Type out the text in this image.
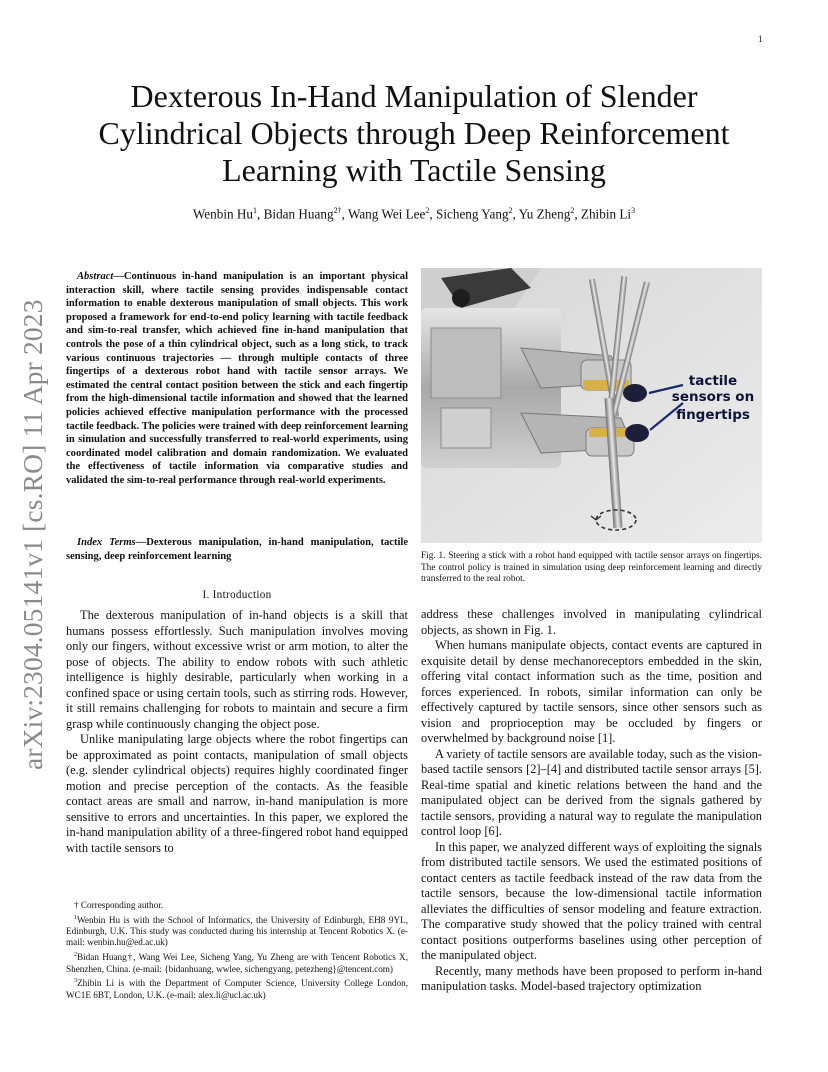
1
Dexterous In-Hand Manipulation of Slender Cylindrical Objects through Deep Reinforcement Learning with Tactile Sensing
Wenbin Hu$^1$, Bidan Huang$^{2\dagger}$, Wang Wei Lee$^2$, Sicheng Yang$^2$, Yu Zheng$^2$, Zhibin Li$^3$
arXiv:2304.05141v1 [cs.RO] 11 Apr 2023
Abstract—Continuous in-hand manipulation is an important physical interaction skill, where tactile sensing provides indispensable contact information to enable dexterous manipulation of small objects. This work proposed a framework for end-to-end policy learning with tactile feedback and sim-to-real transfer, which achieved fine in-hand manipulation that controls the pose of a thin cylindrical object, such as a long stick, to track various continuous trajectories — through multiple contacts of three fingertips of a dexterous robot hand with tactile sensor arrays. We estimated the central contact position between the stick and each fingertip from the high-dimensional tactile information and showed that the learned policies achieved effective manipulation performance with the processed tactile feedback. The policies were trained with deep reinforcement learning in simulation and successfully transferred to real-world experiments, using coordinated model calibration and domain randomization. We evaluated the effectiveness of tactile information via comparative studies and validated the sim-to-real performance through real-world experiments.
Index Terms—Dexterous manipulation, in-hand manipulation, tactile sensing, deep reinforcement learning
I. Introduction

The dexterous manipulation of in-hand objects is a skill that humans possess effortlessly. Such manipulation involves moving only our fingers, without excessive wrist or arm motion, to alter the pose of objects. The ability to endow robots with such athletic intelligence is highly desirable, particularly when working in a confined space or using certain tools, such as stirring rods. However, it still remains challenging for robots to maintain and secure a firm grasp while continuously changing the object pose.

Unlike manipulating large objects where the robot fingertips can be approximated as point contacts, manipulation of small objects (e.g. slender cylindrical objects) requires highly coordinated finger motion and precise perception of the contacts. As the feasible contact areas are small and narrow, in-hand manipulation is more sensitive to errors and uncertainties. In this paper, we explored the in-hand manipulation ability of a three-fingered robot hand equipped with tactile sensors to

† Corresponding author.

$^1$Wenbin Hu is with the School of Informatics, the University of Edinburgh, EH8 9YL, Edinburgh, U.K. This study was conducted during his internship at Tencent Robotics X. (e-mail: wenbin.hu@ed.ac.uk)

$^2$Bidan Huang†, Wang Wei Lee, Sicheng Yang, Yu Zheng are with Tencent Robotics X, Shenzhen, China. (e-mail: {bidanhuang, wwlee, sichengyang, petezheng}@tencent.com)

$^3$Zhibin Li is with the Department of Computer Science, University College London, WC1E 6BT, London, U.K. (e-mail: alex.li@ucl.ac.uk)

tactile
sensors on
fingertips
Fig. 1. Steering a stick with a robot hand equipped with tactile sensor arrays on fingertips. The control policy is trained in simulation using deep reinforcement learning and directly transferred to the real robot.

address these challenges involved in manipulating cylindrical objects, as shown in Fig. 1.

When humans manipulate objects, contact events are captured in exquisite detail by dense mechanoreceptors embedded in the skin, offering vital contact information such as the time, position and forces experienced. In robots, similar information can only be effectively captured by tactile sensors, since other sensors such as vision and proprioception may be occluded by fingers or overwhelmed by background noise [1].

A variety of tactile sensors are available today, such as the vision-based tactile sensors [2]–[4] and distributed tactile sensor arrays [5]. Real-time spatial and kinetic relations between the hand and the manipulated object can be derived from the signals gathered by tactile sensors, providing a natural way to regulate the manipulation control loop [6].

In this paper, we analyzed different ways of exploiting the signals from distributed tactile sensors. We used the estimated positions of contact centers as tactile feedback instead of the raw data from the tactile sensors, because the low-dimensional tactile information alleviates the difficulties of sensor modeling and feature extraction. The comparative study showed that the policy trained with central contact positions outperforms baselines using other perception of the manipulated object.

Recently, many methods have been proposed to perform in-hand manipulation tasks. Model-based trajectory optimization
